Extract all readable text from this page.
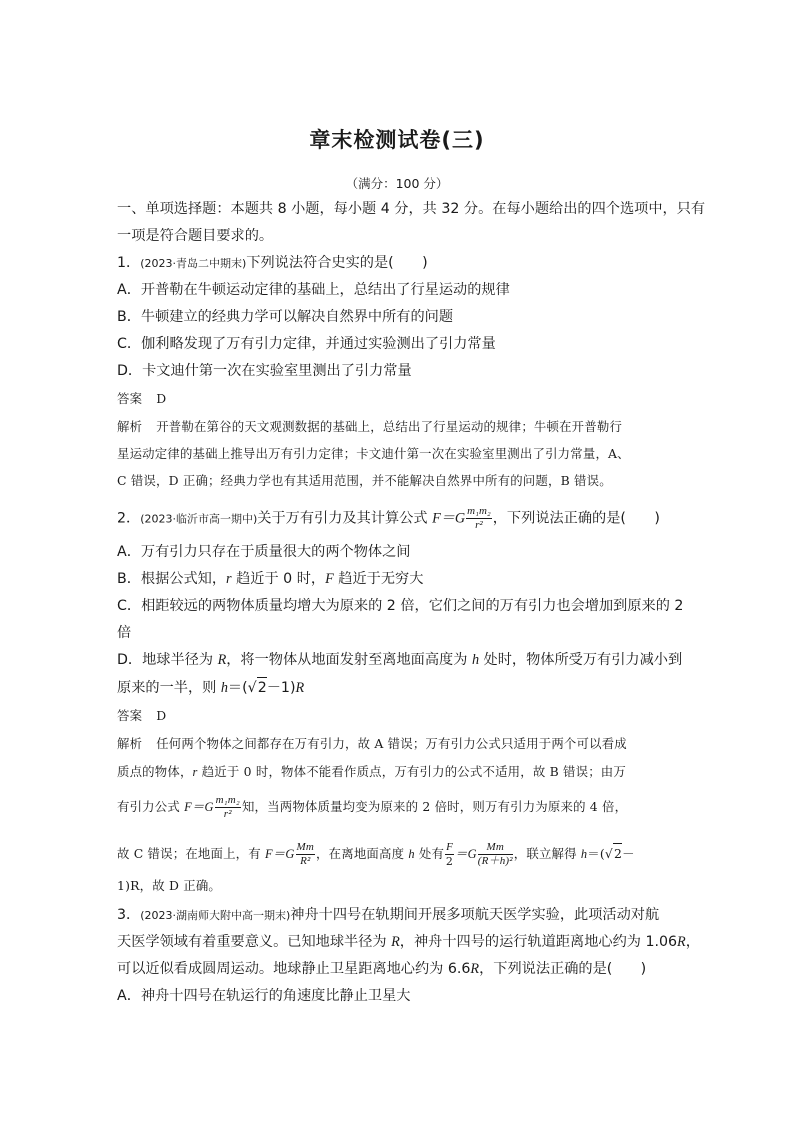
章末检测试卷(三)
（满分：100 分）
一、单项选择题：本题共 8 小题，每小题 4 分，共 32 分。在每小题给出的四个选项中，只有
一项是符合题目要求的。
1．(2023·青岛二中期末)下列说法符合史实的是(　　)
A．开普勒在牛顿运动定律的基础上，总结出了行星运动的规律
B．牛顿建立的经典力学可以解决自然界中所有的问题
C．伽利略发现了万有引力定律，并通过实验测出了引力常量
D．卡文迪什第一次在实验室里测出了引力常量
答案 D
解析 开普勒在第谷的天文观测数据的基础上，总结出了行星运动的规律；牛顿在开普勒行
星运动定律的基础上推导出万有引力定律；卡文迪什第一次在实验室里测出了引力常量，A、
C 错误，D 正确；经典力学也有其适用范围，并不能解决自然界中所有的问题，B 错误。
2．(2023·临沂市高一期中)关于万有引力及其计算公式 $F=G \frac{\text{m₁m₂}}{\text{r²}}$ ，下列说法正确的是(　　)
A．万有引力只存在于质量很大的两个物体之间
B．根据公式知，r 趋近于 0 时，F 趋近于无穷大
C．相距较远的两物体质量均增大为原来的 2 倍，它们之间的万有引力也会增加到原来的 2
倍
D．地球半径为 R，将一物体从地面发射至离地面高度为 h 处时，物体所受万有引力减小到
原来的一半，则 h＝(√2－1)R
答案 D
解析 任何两个物体之间都存在万有引力，故 A 错误；万有引力公式只适用于两个可以看成
质点的物体，r 趋近于 0 时，物体不能看作质点，万有引力的公式不适用，故 B 错误；由万
有引力公式 $F=G \frac{\text{m₁m₂}}{\text{r²}}$ 知，当两物体质量均变为原来的 2 倍时，则万有引力为原来的 4 倍，
故 C 错误；在地面上，有 $F=G \frac{Mm}{\text{R²}}$ ，在离地面高度 h 处有 $\frac{F}{2} =G \frac{Mm}{\text{(R＋h)²}}$ ，联立解得 h＝(√2－
1)R，故 D 正确。
3．(2023·湖南师大附中高一期末)神舟十四号在轨期间开展多项航天医学实验，此项活动对航
天医学领域有着重要意义。已知地球半径为 R，神舟十四号的运行轨道距离地心约为 1.06R，
可以近似看成圆周运动。地球静止卫星距离地心约为 6.6R，下列说法正确的是(　　)
A．神舟十四号在轨运行的角速度比静止卫星大
